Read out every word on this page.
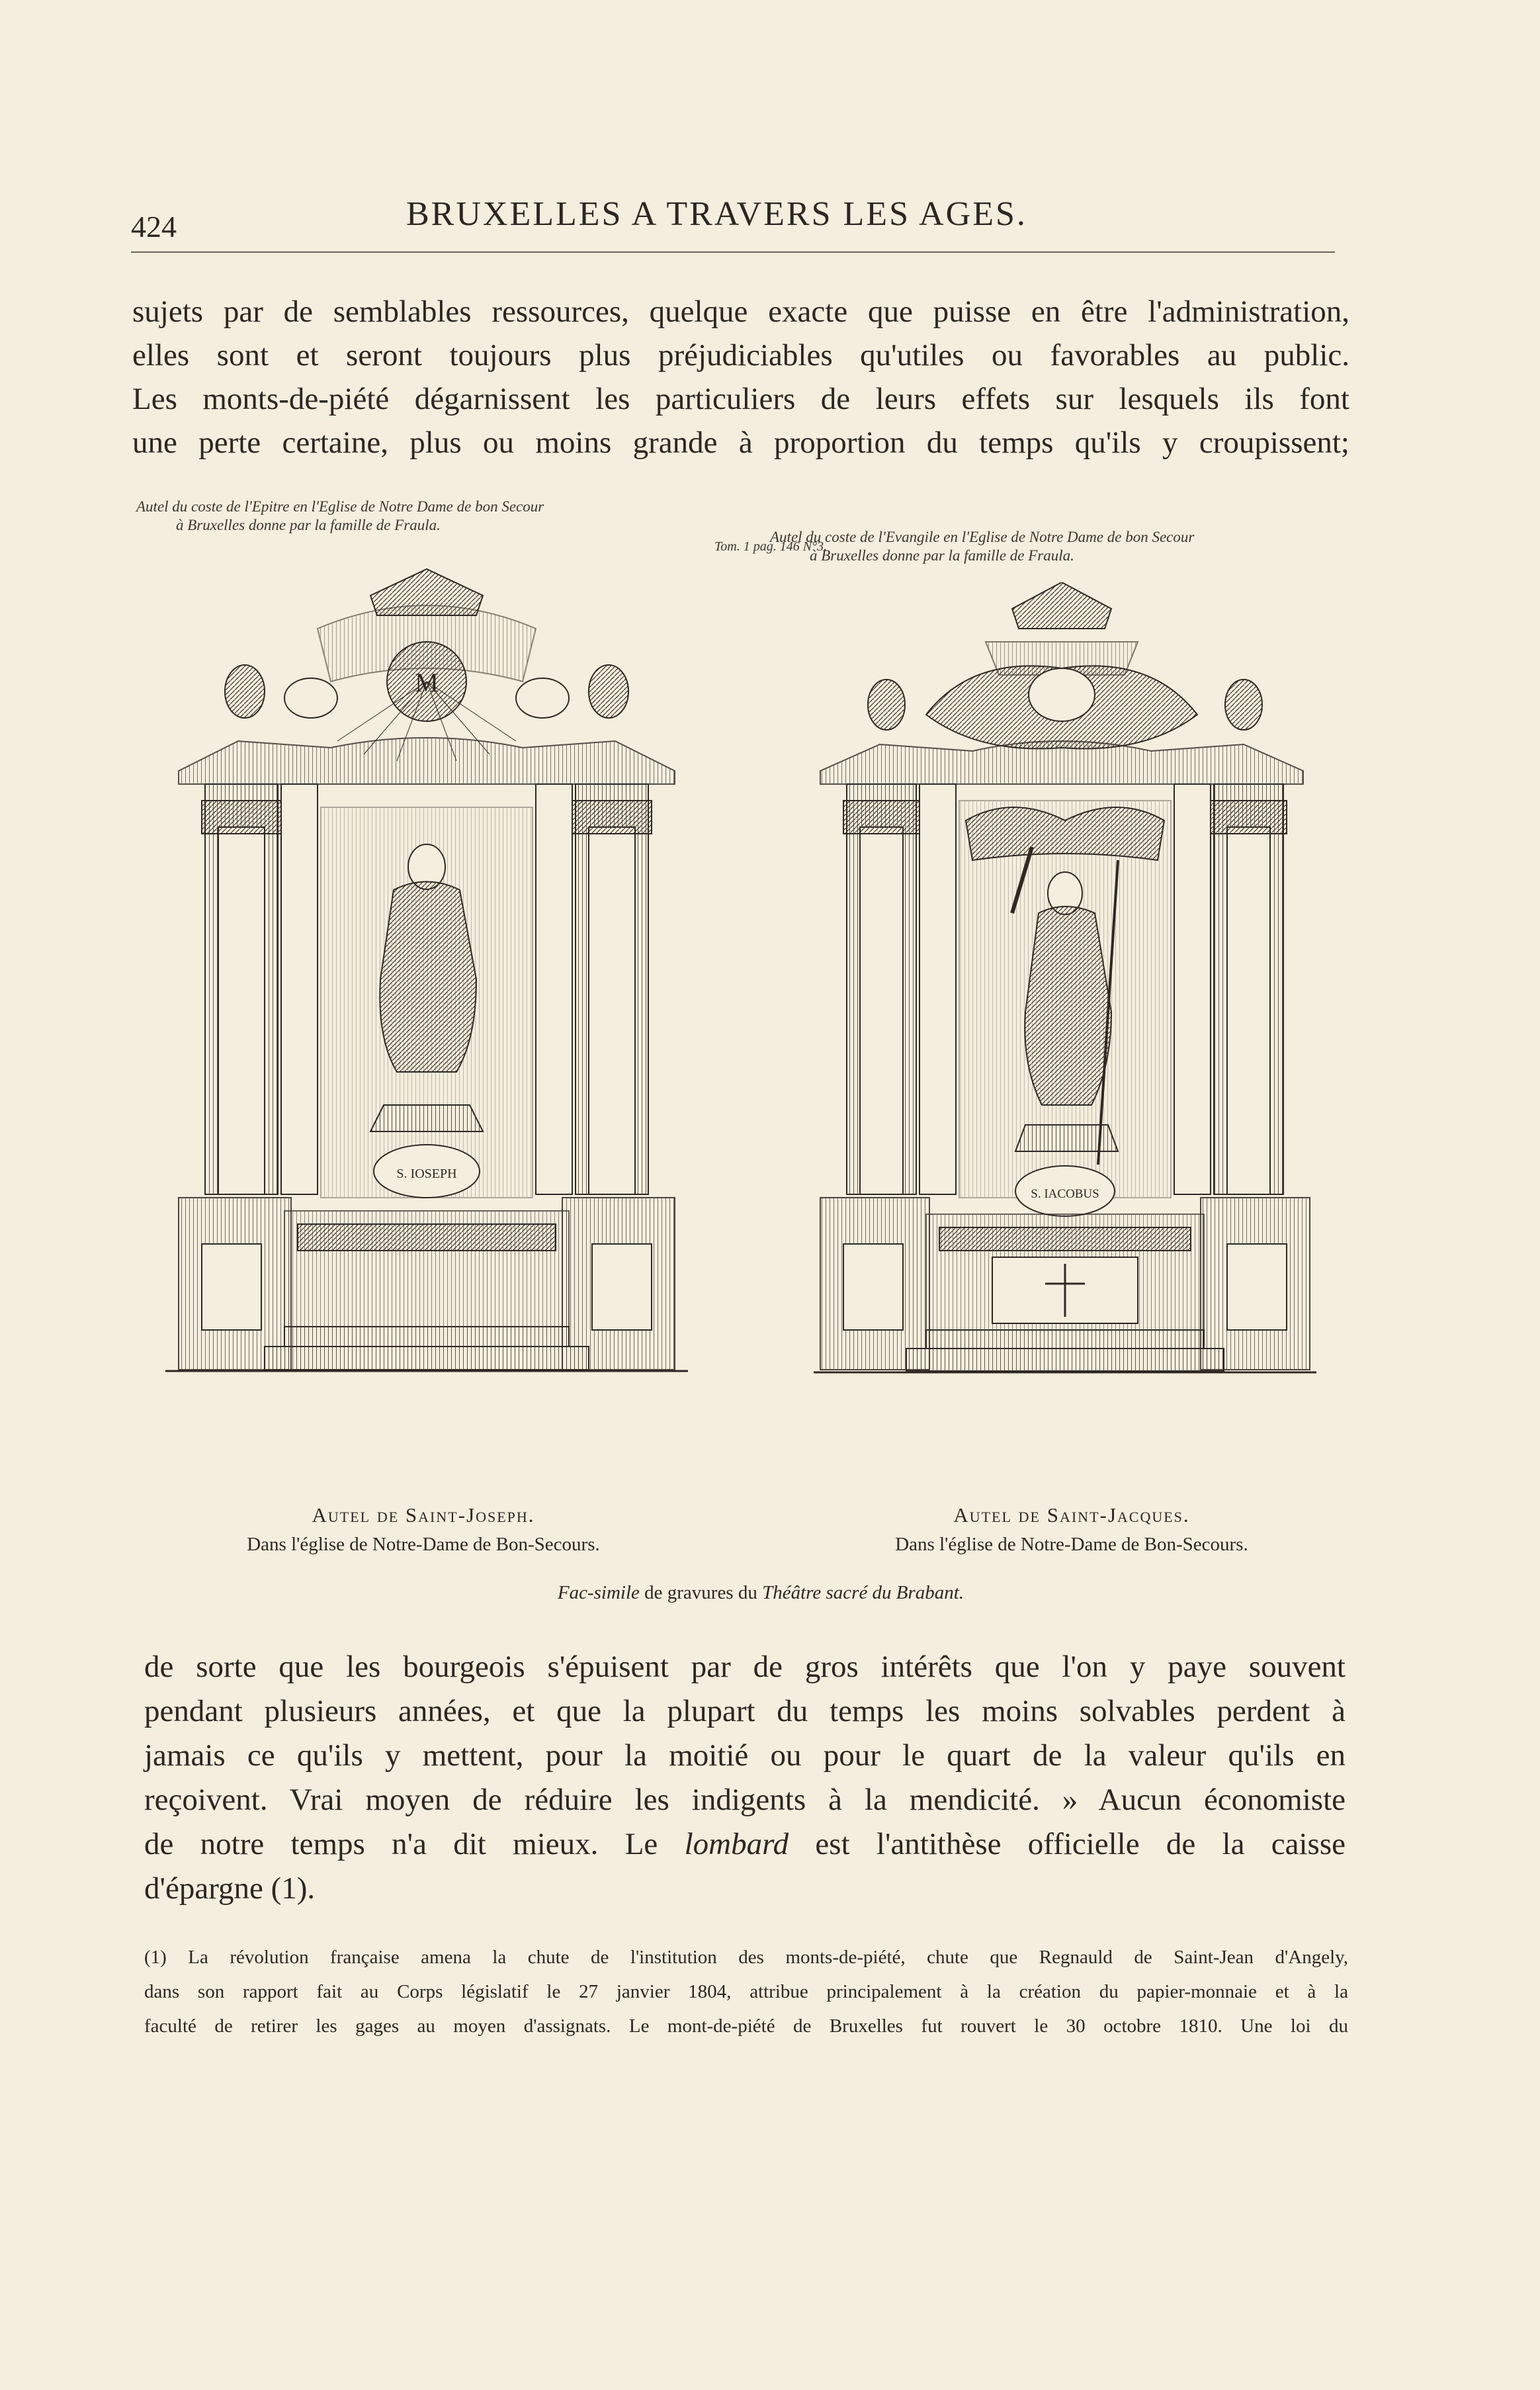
424	BRUXELLES A TRAVERS LES AGES.
sujets par de semblables ressources, quelque exacte que puisse en être l'administration,
elles sont et seront toujours plus préjudiciables qu'utiles ou favorables au public.
Les monts-de-piété dégarnissent les particuliers de leurs effets sur lesquels ils font
une perte certaine, plus ou moins grande à proportion du temps qu'ils y croupissent;
Autel du coste de l'Epitre en l'Eglise de Notre Dame de bon Secour
à Bruxelles donne par la famille de Fraula.
Tom. 1 pag. 146 N°3.
Autel du coste de l'Evangile en l'Eglise de Notre Dame de bon Secour
à Bruxelles donne par la famille de Fraula.
M
S. IOSEPH
S. IACOBUS
Autel de Saint-Joseph.
Dans l'église de Notre-Dame de Bon-Secours.
Autel de Saint-Jacques.
Dans l'église de Notre-Dame de Bon-Secours.
Fac-simile de gravures du Théâtre sacré du Brabant.
de sorte que les bourgeois s'épuisent par de gros intérêts que l'on y paye souvent
pendant plusieurs années, et que la plupart du temps les moins solvables perdent à
jamais ce qu'ils y mettent, pour la moitié ou pour le quart de la valeur qu'ils en
reçoivent. Vrai moyen de réduire les indigents à la mendicité. » Aucun économiste
de notre temps n'a dit mieux. Le lombard est l'antithèse officielle de la caisse
d'épargne (1).
(1) La révolution française amena la chute de l'institution des monts-de-piété, chute que Regnauld de Saint-Jean d'Angely,
dans son rapport fait au Corps législatif le 27 janvier 1804, attribue principalement à la création du papier-monnaie et à la
faculté de retirer les gages au moyen d'assignats. Le mont-de-piété de Bruxelles fut rouvert le 30 octobre 1810. Une loi du
